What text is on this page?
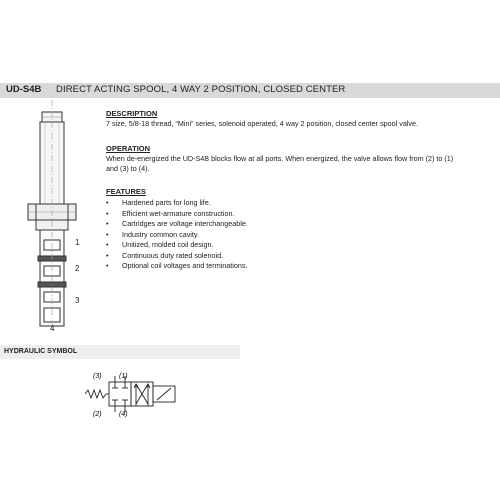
UD-S4B DIRECT ACTING SPOOL, 4 WAY 2 POSITION, CLOSED CENTER

DESCRIPTION

7 size, 5/8-18 thread, “Mini” series, solenoid operated, 4 way 2 position, closed center spool valve.

OPERATION

When de-energized the UD-S4B blocks flow at all ports. When energized, the valve allows flow from (2) to (1)

and (3) to (4).

FEATURES

• Hardened parts for long life.
• Efficient wet-armature construction.
• Cartridges are voltage interchangeable.
• Industry common cavity.
• Unitized, molded coil design.
• Continuous duty rated solenoid.
• Optional coil voltages and terminations.
1
2
3
4
HYDRAULIC SYMBOL
(3) (1)
(2) (4)
